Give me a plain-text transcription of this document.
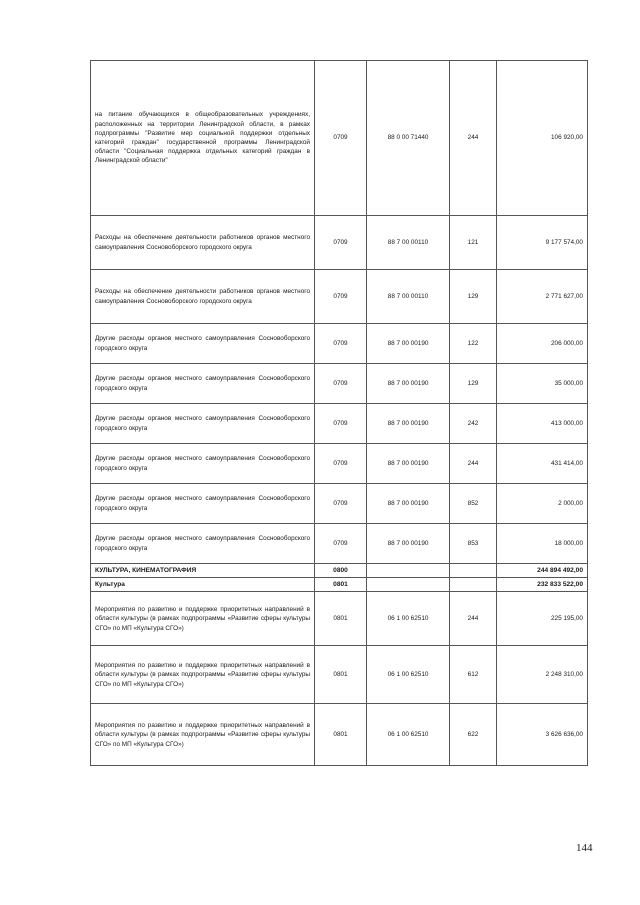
на питание обучающихся в общеобразовательных учреждениях, расположенных на территории Ленинградской области, в рамках подпрограммы "Развитие мер социальной поддержки отдельных категорий граждан" государственной программы Ленинградской области "Социальная поддержка отдельных категорий граждан в Ленинградской области"	0709	88 0 00 71440	244	106 920,00
Расходы на обеспечение деятельности работников органов местного самоуправления Сосновоборского городского округа	0709	88 7 00 00110	121	9 177 574,00
Расходы на обеспечение деятельности работников органов местного самоуправления Сосновоборского городского округа	0709	88 7 00 00110	129	2 771 627,00
Другие расходы органов местного самоуправления Сосновоборского городского округа	0709	88 7 00 00190	122	206 000,00
Другие расходы органов местного самоуправления Сосновоборского городского округа	0709	88 7 00 00190	129	35 000,00
Другие расходы органов местного самоуправления Сосновоборского городского округа	0709	88 7 00 00190	242	413 000,00
Другие расходы органов местного самоуправления Сосновоборского городского округа	0709	88 7 00 00190	244	431 414,00
Другие расходы органов местного самоуправления Сосновоборского городского округа	0709	88 7 00 00190	852	2 000,00
Другие расходы органов местного самоуправления Сосновоборского городского округа	0709	88 7 00 00190	853	18 000,00
КУЛЬТУРА, КИНЕМАТОГРАФИЯ	0800			244 894 492,00
Культура	0801			232 833 522,00
Мероприятия по развитию и поддержке приоритетных направлений в области культуры (в рамках подпрограммы «Развитие сферы культуры СГО» по МП «Культура СГО»)	0801	06 1 00 62510	244	225 195,00
Мероприятия по развитию и поддержке приоритетных направлений в области культуры (в рамках подпрограммы «Развитие сферы культуры СГО» по МП «Культура СГО»)	0801	06 1 00 62510	612	2 248 310,00
Мероприятия по развитию и поддержке приоритетных направлений в области культуры (в рамках подпрограммы «Развитие сферы культуры СГО» по МП «Культура СГО»)	0801	06 1 00 62510	622	3 626 636,00
144
